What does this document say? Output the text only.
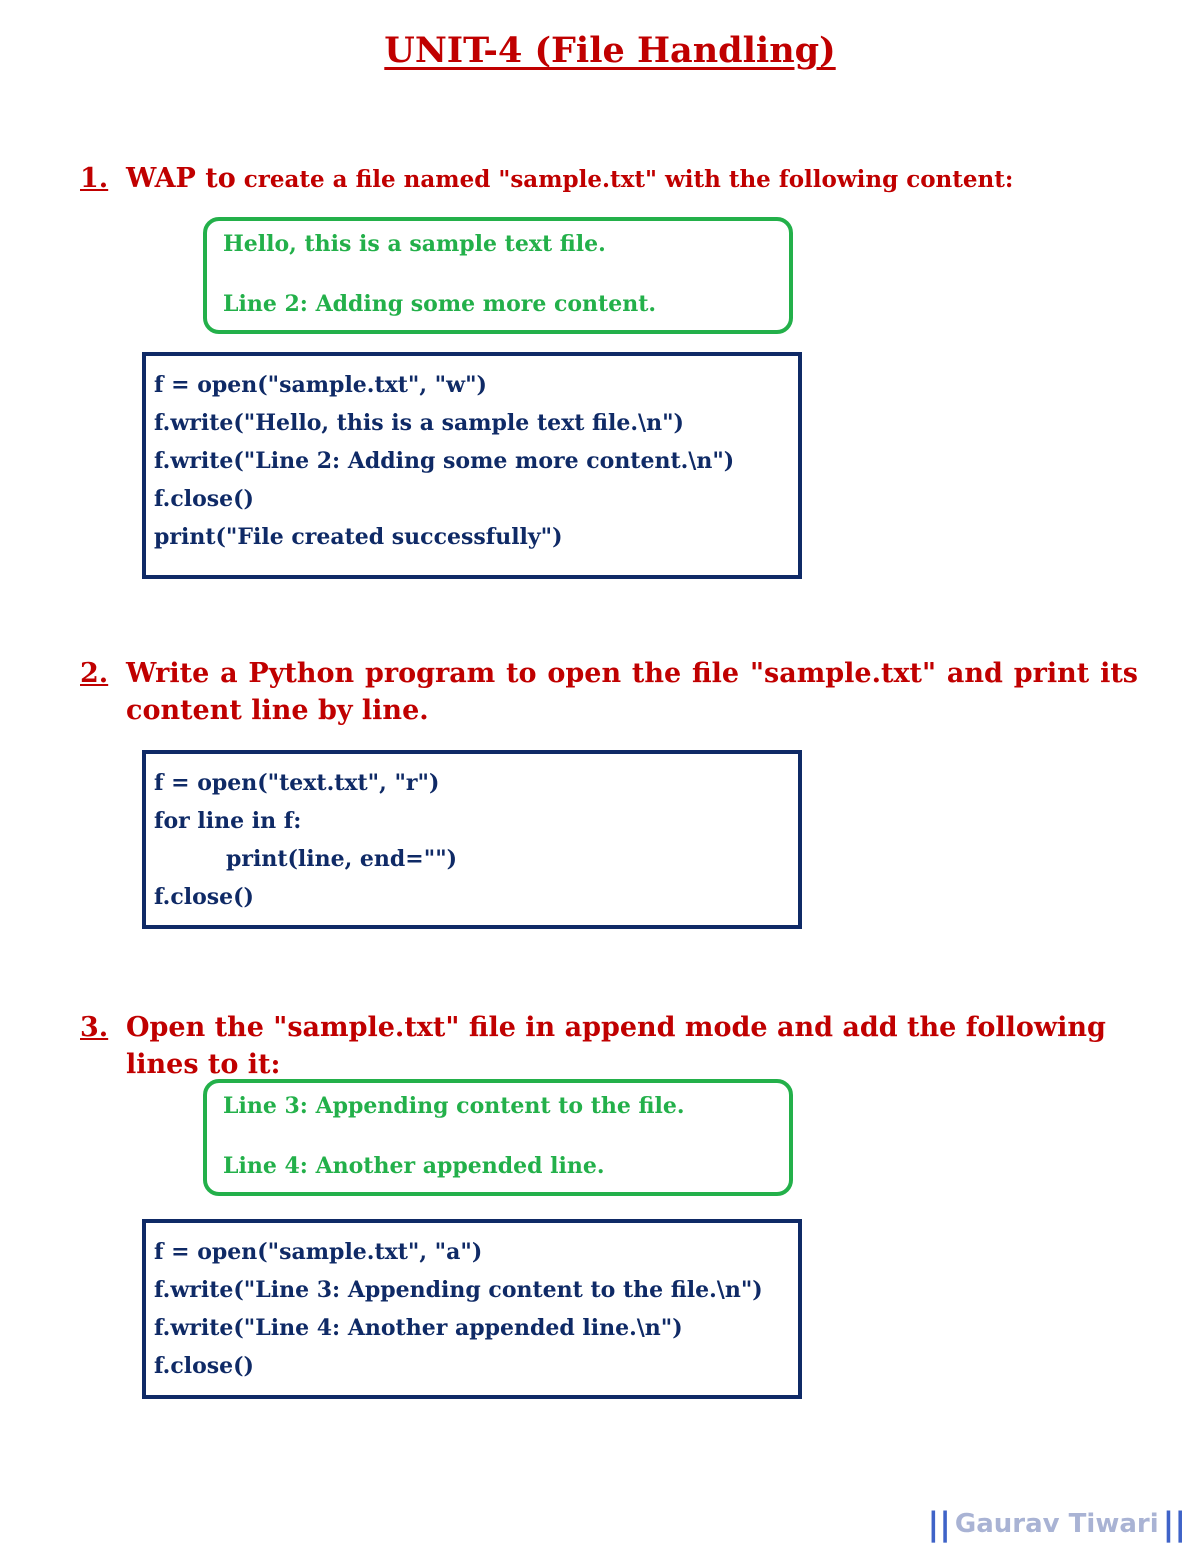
UNIT-4 (File Handling)
1. WAP to create a file named "sample.txt" with the following content:
Hello, this is a sample text file.
Line 2: Adding some more content.
f = open("sample.txt", "w")
f.write("Hello, this is a sample text file.\n")
f.write("Line 2: Adding some more content.\n")
f.close()
print("File created successfully")
2. Write a Python program to open the file "sample.txt" and print its content line by line.
f = open("text.txt", "r")
for line in f:
print(line, end="")
f.close()
3. Open the "sample.txt" file in append mode and add the following lines to it:
Line 3: Appending content to the file.
Line 4: Another appended line.
f = open("sample.txt", "a")
f.write("Line 3: Appending content to the file.\n")
f.write("Line 4: Another appended line.\n")
f.close()
|| Gaurav Tiwari ||
